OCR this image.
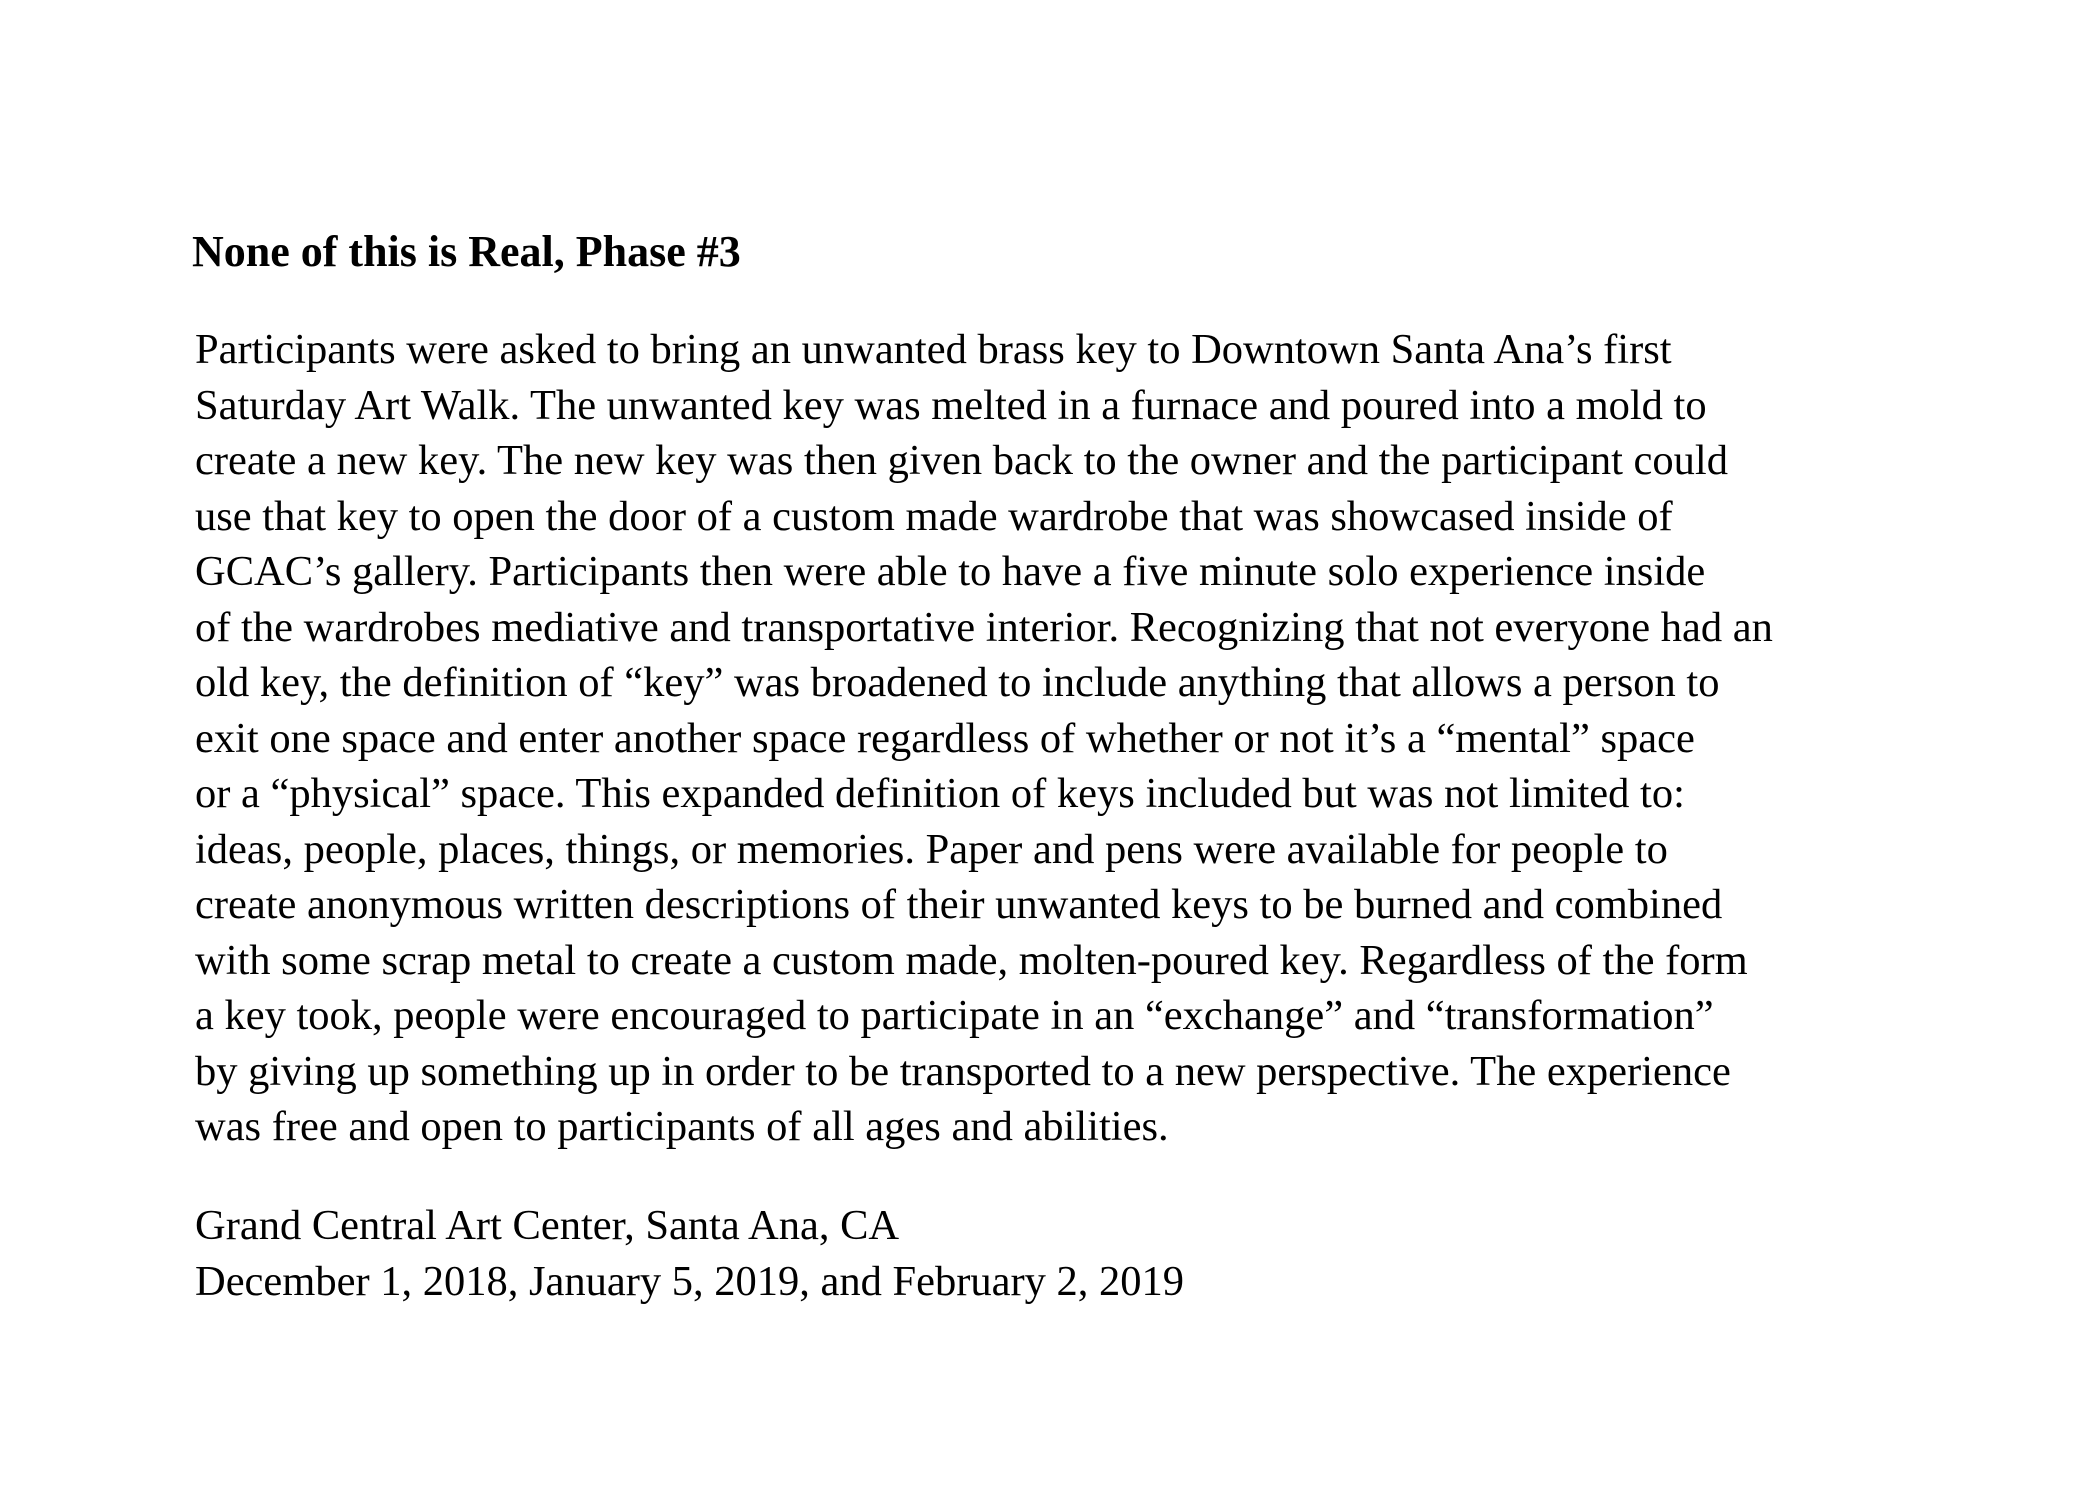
None of this is Real, Phase #3
Participants were asked to bring an unwanted brass key to Downtown Santa Ana’s first
Saturday Art Walk. The unwanted key was melted in a furnace and poured into a mold to
create a new key. The new key was then given back to the owner and the participant could
use that key to open the door of a custom made wardrobe that was showcased inside of
GCAC’s gallery. Participants then were able to have a five minute solo experience inside
of the wardrobes mediative and transportative interior. Recognizing that not everyone had an
old key, the definition of “key” was broadened to include anything that allows a person to
exit one space and enter another space regardless of whether or not it’s a “mental” space
or a “physical” space. This expanded definition of keys included but was not limited to:
ideas, people, places, things, or memories. Paper and pens were available for people to
create anonymous written descriptions of their unwanted keys to be burned and combined
with some scrap metal to create a custom made, molten-poured key. Regardless of the form
a key took, people were encouraged to participate in an “exchange” and “transformation”
by giving up something up in order to be transported to a new perspective. The experience
was free and open to participants of all ages and abilities.
Grand Central Art Center, Santa Ana, CA
December 1, 2018, January 5, 2019, and February 2, 2019
